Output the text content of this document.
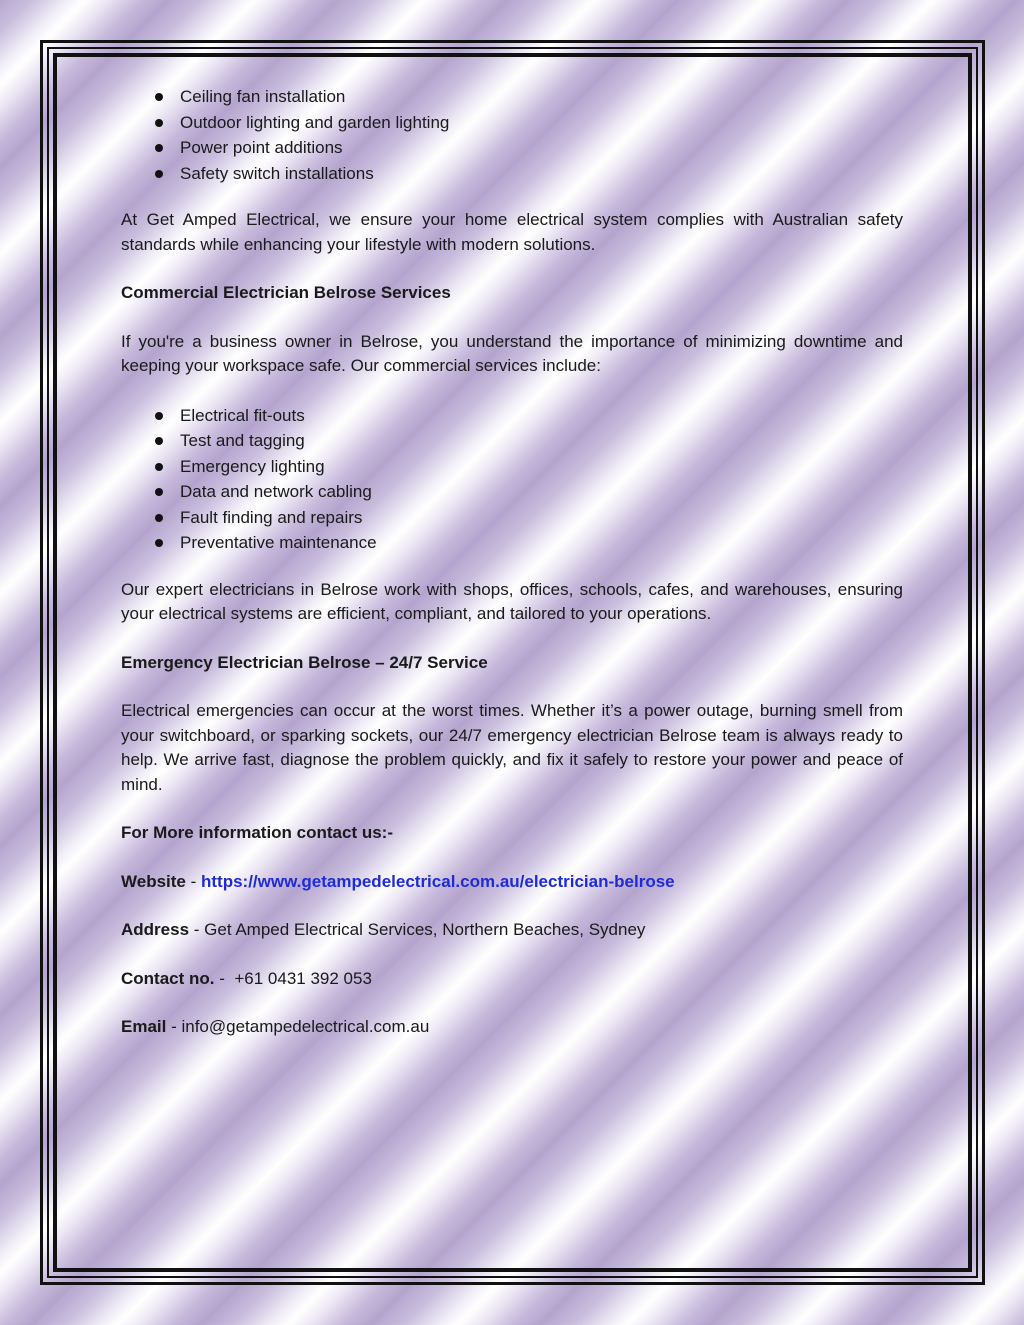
Ceiling fan installation
Outdoor lighting and garden lighting
Power point additions
Safety switch installations

At Get Amped Electrical, we ensure your home electrical system complies with Australian safety standards while enhancing your lifestyle with modern solutions.

Commercial Electrician Belrose Services

If you're a business owner in Belrose, you understand the importance of minimizing downtime and keeping your workspace safe. Our commercial services include:

Electrical fit-outs
Test and tagging
Emergency lighting
Data and network cabling
Fault finding and repairs
Preventative maintenance

Our expert electricians in Belrose work with shops, offices, schools, cafes, and warehouses, ensuring your electrical systems are efficient, compliant, and tailored to your operations.

Emergency Electrician Belrose – 24/7 Service

Electrical emergencies can occur at the worst times. Whether it’s a power outage, burning smell from your switchboard, or sparking sockets, our 24/7 emergency electrician Belrose team is always ready to help. We arrive fast, diagnose the problem quickly, and fix it safely to restore your power and peace of mind.

For More information contact us:-

Website - https://www.getampedelectrical.com.au/electrician-belrose

Address - Get Amped Electrical Services, Northern Beaches, Sydney

Contact no. -  +61 0431 392 053

Email - info@getampedelectrical.com.au
